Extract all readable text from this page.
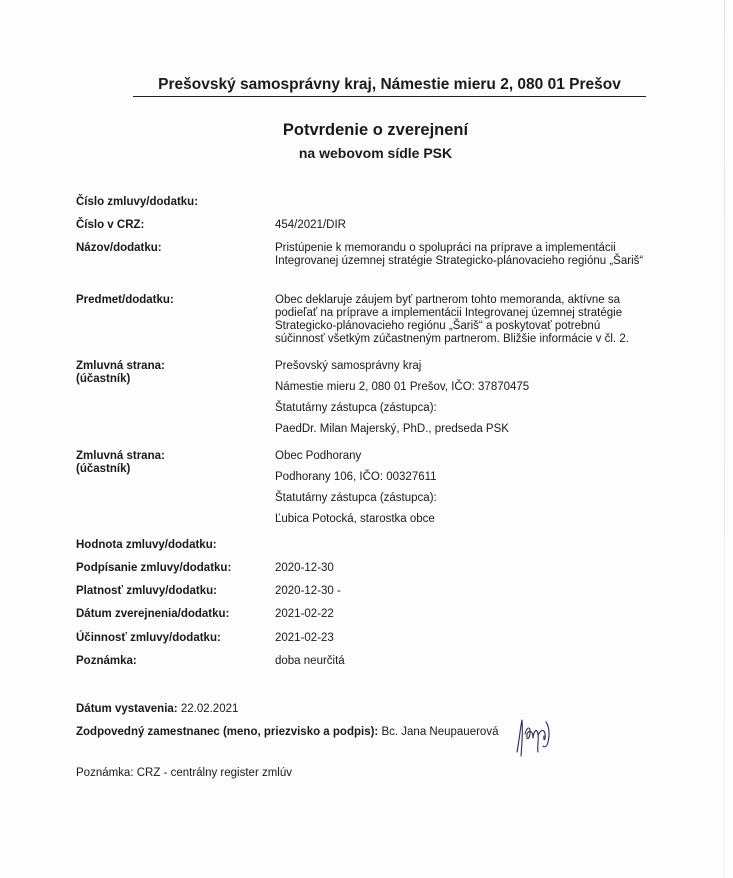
Prešovský samosprávny kraj, Námestie mieru 2, 080 01 Prešov
Potvrdenie o zverejnení
na webovom sídle PSK
Číslo zmluvy/dodatku:
Číslo v CRZ:	454/2021/DIR
Názov/dodatku:	Pristúpenie k memorandu o spolupráci na príprave a implementácii Integrovanej územnej stratégie Strategicko-plánovacieho regiónu „Šariš“
Predmet/dodatku:	Obec deklaruje záujem byť partnerom tohto memoranda, aktívne sa podieľať na príprave a implementácii Integrovanej územnej stratégie Strategicko-plánovacieho regiónu „Šariš“ a poskytovať potrebnú súčinnosť všetkým zúčastneným partnerom. Bližšie informácie v čl. 2.
Zmluvná strana:
(účastník)
Prešovský samosprávny kraj
Námestie mieru 2, 080 01 Prešov, IČO: 37870475
Štatutárny zástupca (zástupca):
PaedDr. Milan Majerský, PhD., predseda PSK
Zmluvná strana:
(účastník)
Obec Podhorany
Podhorany 106, IČO: 00327611
Štatutárny zástupca (zástupca):
Ľubica Potocká, starostka obce
Hodnota zmluvy/dodatku:
Podpísanie zmluvy/dodatku:	2020-12-30
Platnosť zmluvy/dodatku:	2020-12-30 -
Dátum zverejnenia/dodatku:	2021-02-22
Účinnosť zmluvy/dodatku:	2021-02-23
Poznámka:	doba neurčitá
Dátum vystavenia: 22.02.2021
Zodpovedný zamestnanec (meno, priezvisko a podpis): Bc. Jana Neupauerová
Poznámka: CRZ - centrálny register zmlúv
